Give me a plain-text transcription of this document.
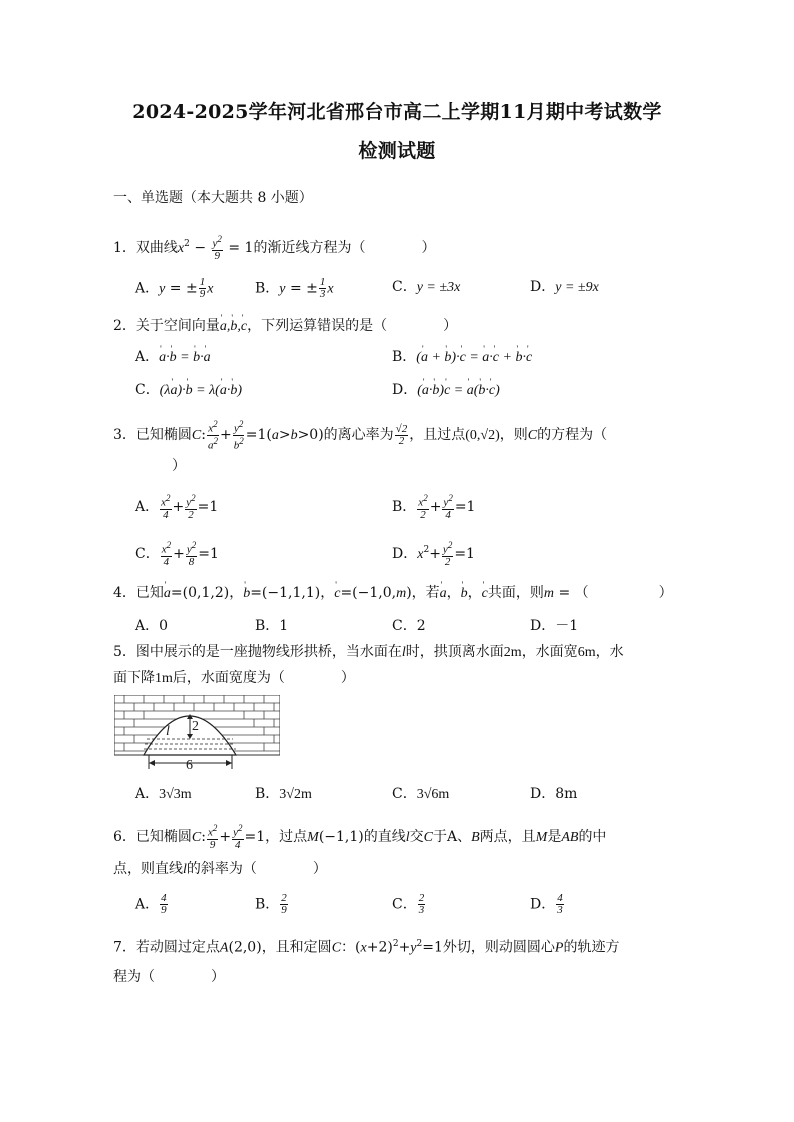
2024-2025学年河北省邢台市高二上学期11月期中考试数学
检测试题
一、单选题（本大题共 8 小题）
1．双曲线$x^2 - \frac{y^2}{9} = 1$的渐近线方程为（　　　　）
A．y = ± $\frac{1}{9}$ x	B．y = ± $\frac{1}{3}$ x	C．y = ±3x	D．y = ±9x
2．关于空间向量' a,' b,' c，下列运算错误的是（　　　　）
A．' a·' b = ' b·' a	B．(' a + ' b)·' c = ' a·' c + ' b·' c
C．(λ' a)·' b = λ(' a·' b)	D．(' a·' b)' c = ' a(' b·' c)
3．已知椭圆C: $\frac{x^2}{a^2} + \frac{y^2}{b^2} =1(a>b>0)$的离心率为 $\frac{√2}{2}$ ，且过点(0,√2)，则C的方程为（
）
A． $\frac{x^2}{4} + \frac{y^2}{2} =1$	B． $\frac{x^2}{2} + \frac{y^2}{4} =1$
C． $\frac{x^2}{4} + \frac{y^2}{8} =1$	D．$x^2+ \frac{y^2}{2} =1$
4．已知' a=(0,1,2)，' b=(−1,1,1)，' c=(−1,0,m)，若' a，' b，' c共面，则m = （　　　　　）
A．0	B．1	C．2	D．－1
5．图中展示的是一座抛物线形拱桥，当水面在l时，拱顶离水面2m，水面宽6m，水
面下降1m后，水面宽度为（　　　　）
2
l
6
A．3√3m	B．3√2m	C．3√6m	D．8m
6．已知椭圆C: $\frac{x^2}{9} + \frac{y^2}{4} =1$，过点M(−1,1)的直线l交C于A、B两点，且M是AB的中
点，则直线l的斜率为（　　　　）
A． $\frac{4}{9}$	B． $\frac{2}{9}$	C． $\frac{2}{3}$	D． $\frac{4}{3}$
7．若动圆过定点A(2,0)，且和定圆C：$(x+2)^2+y^2=1$外切，则动圆圆心P的轨迹方
程为（　　　　）
